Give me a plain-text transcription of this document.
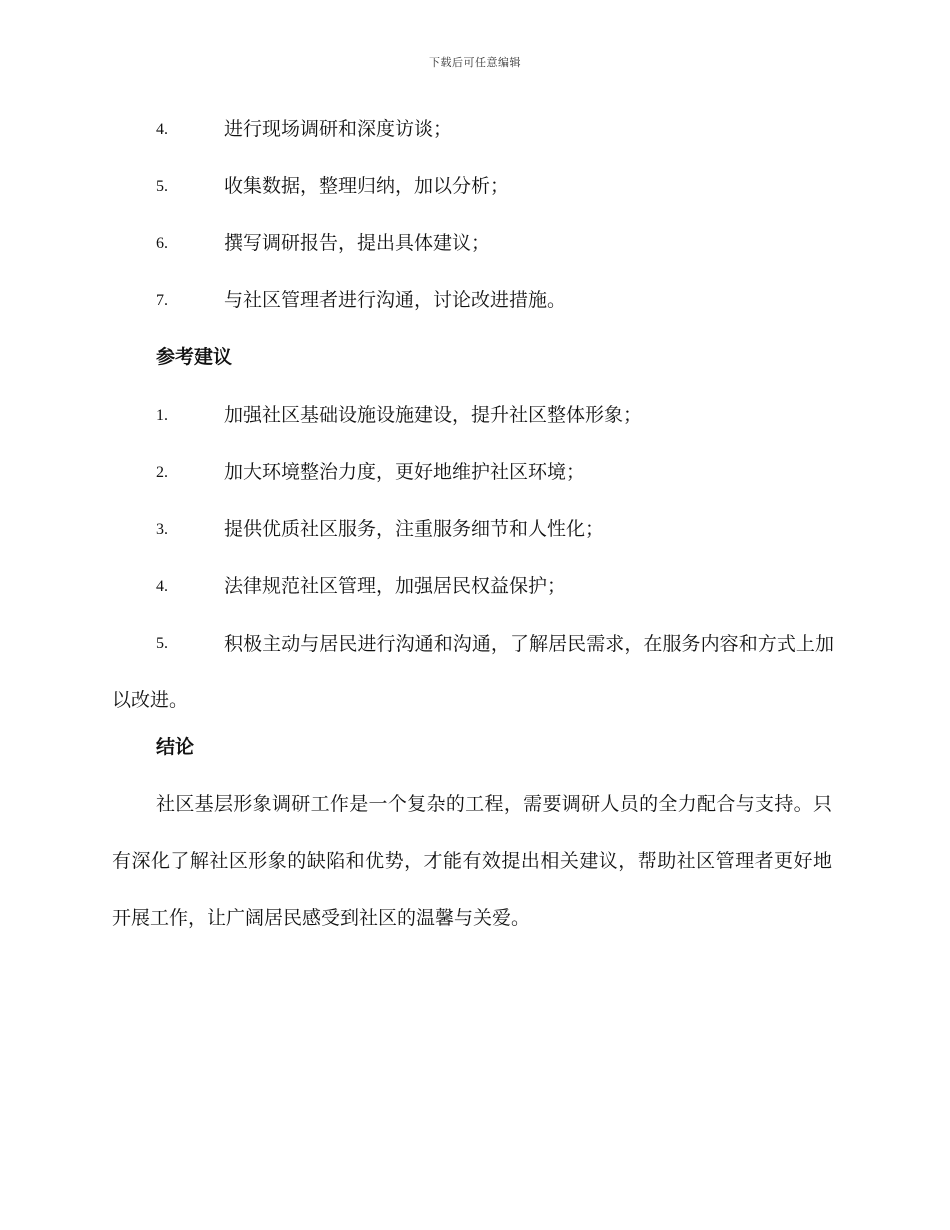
下载后可任意编辑
4.	进行现场调研和深度访谈；
5.	收集数据，整理归纳，加以分析；
6.	撰写调研报告，提出具体建议；
7.	与社区管理者进行沟通，讨论改进措施。
参考建议
1.	加强社区基础设施设施建设，提升社区整体形象；
2.	加大环境整治力度，更好地维护社区环境；
3.	提供优质社区服务，注重服务细节和人性化；
4.	法律规范社区管理，加强居民权益保护；
5.	积极主动与居民进行沟通和沟通，了解居民需求，在服务内容和方式上加以改进。
结论
社区基层形象调研工作是一个复杂的工程，需要调研人员的全力配合与支持。只有深化了解社区形象的缺陷和优势，才能有效提出相关建议，帮助社区管理者更好地开展工作，让广阔居民感受到社区的温馨与关爱。
